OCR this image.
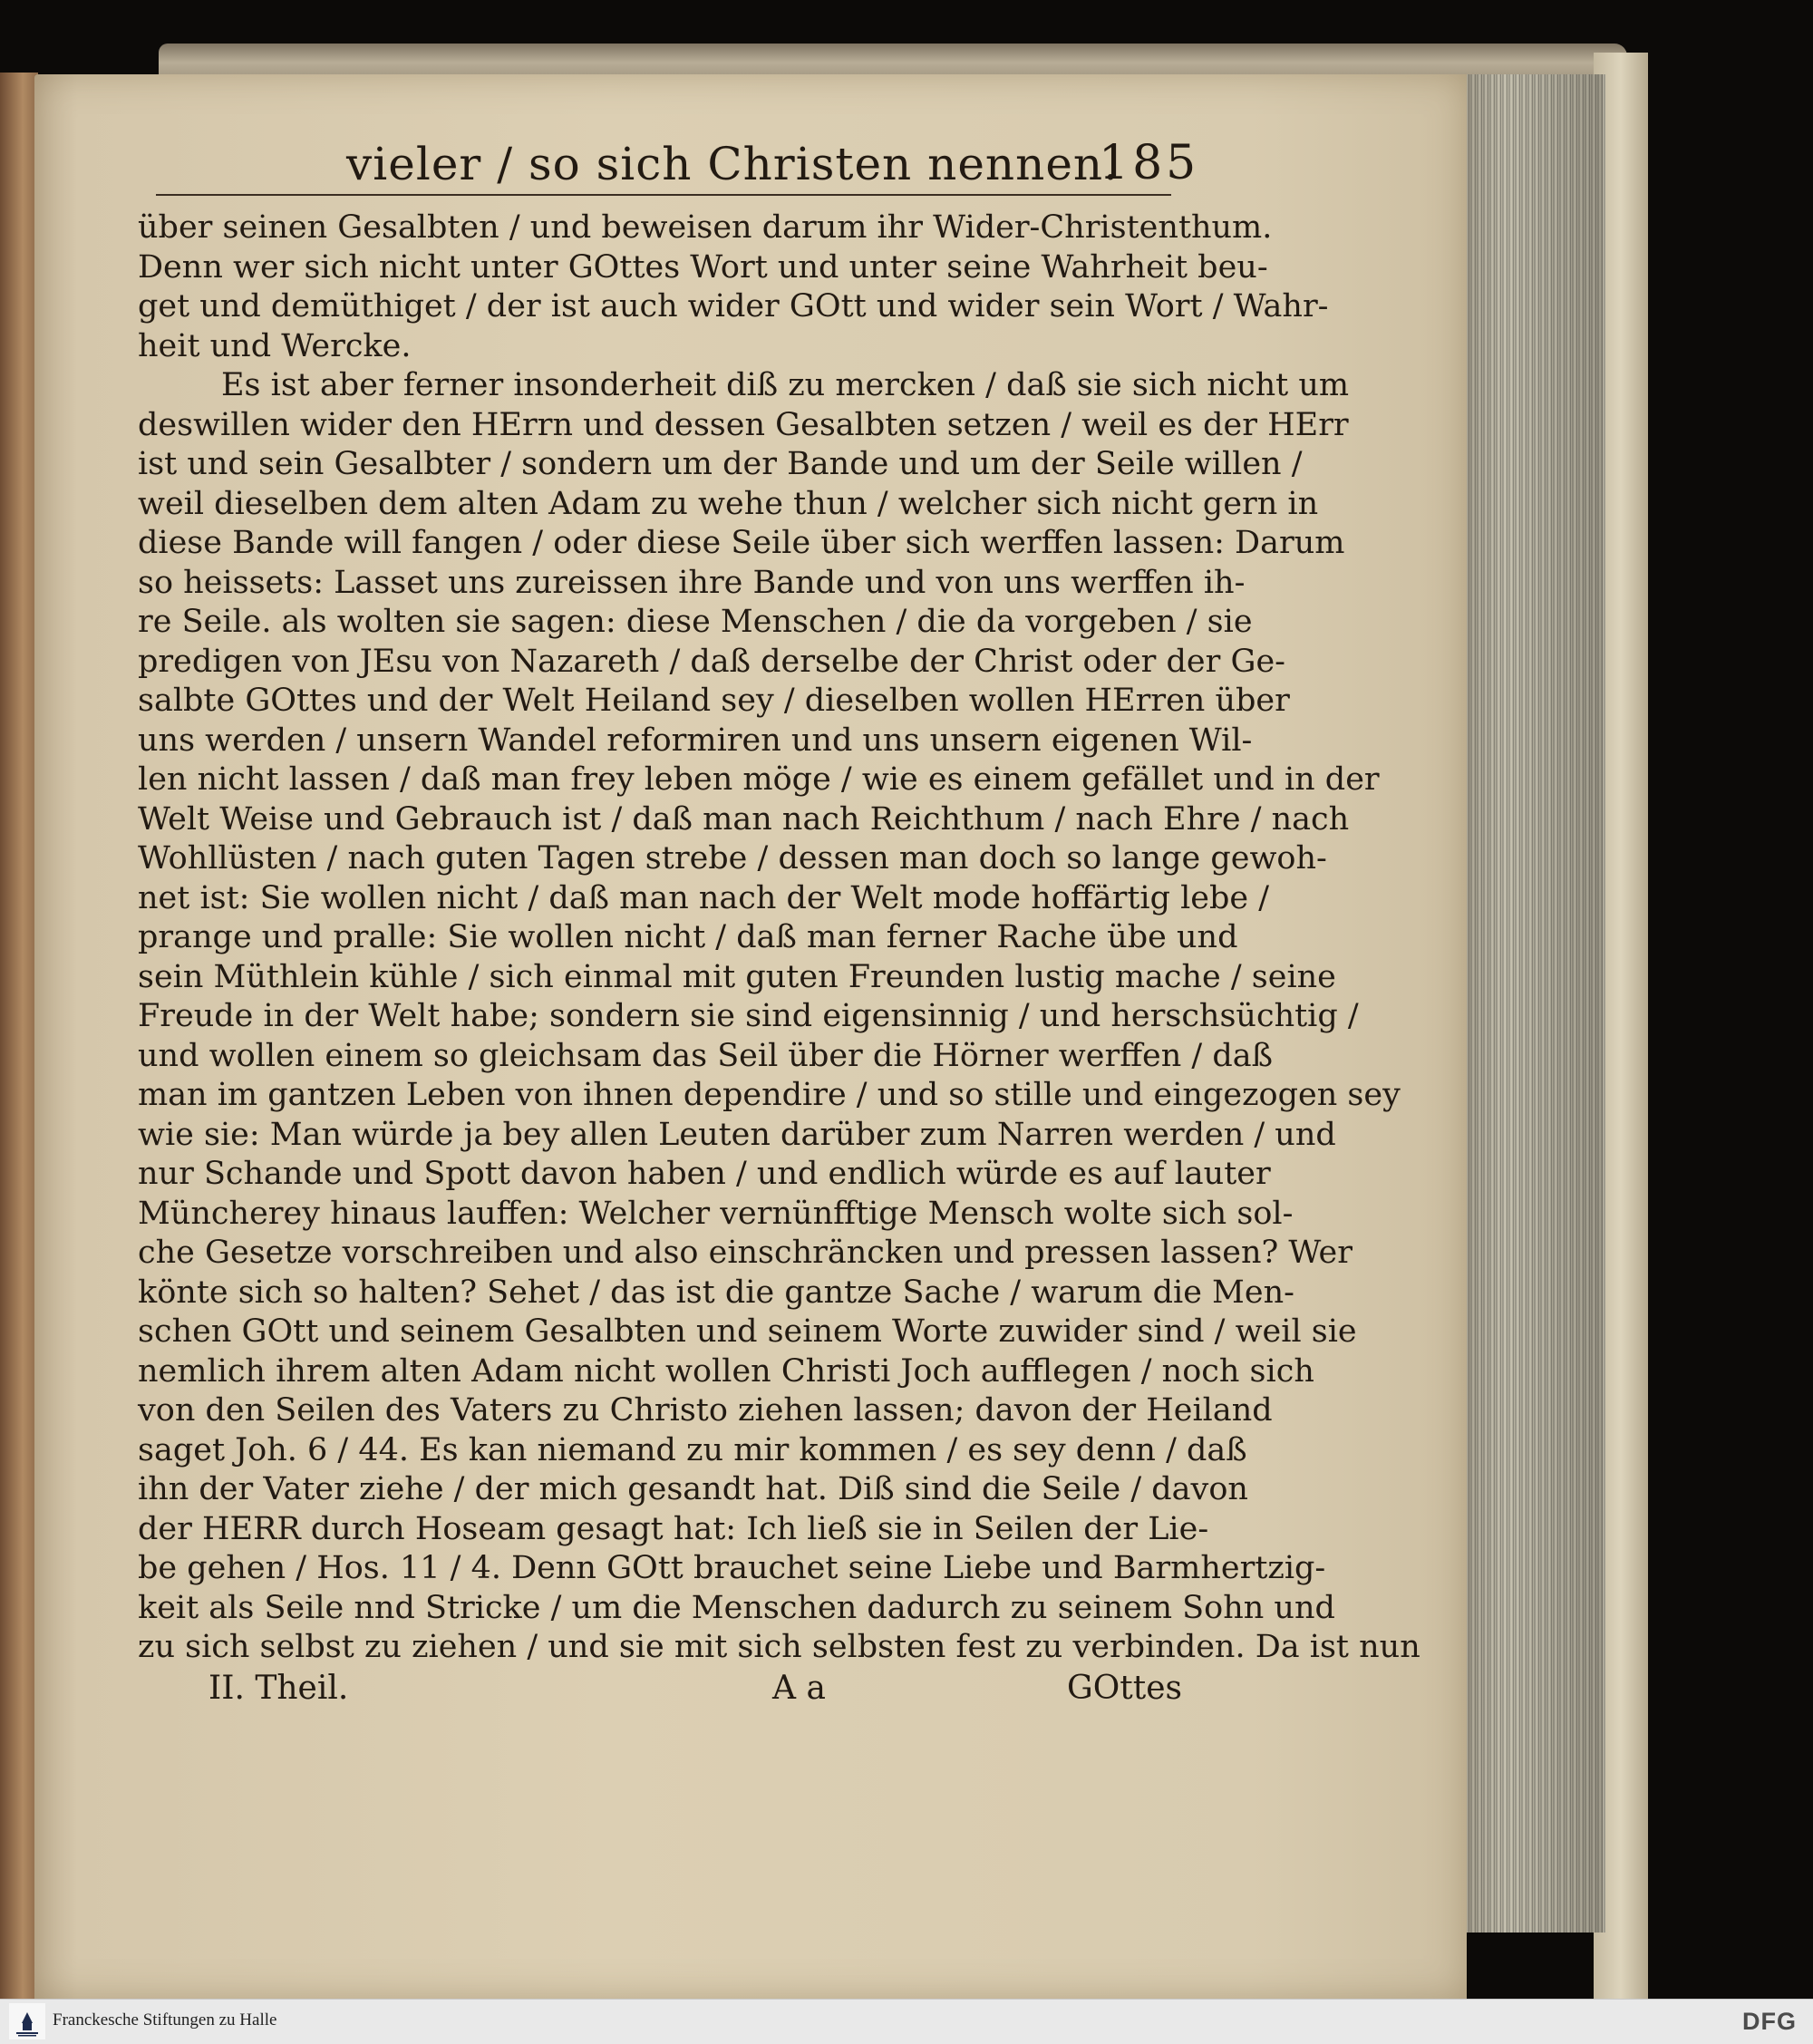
vieler / so sich Christen nennen.
185
über seinen Gesalbten / und beweisen darum ihr Wider-Christenthum.
Denn wer sich nicht unter GOttes Wort und unter seine Wahrheit beu-
get und demüthiget / der ist auch wider GOtt und wider sein Wort / Wahr-
heit und Wercke.
Es ist aber ferner insonderheit diß zu mercken / daß sie sich nicht um
deswillen wider den HErrn und dessen Gesalbten setzen / weil es der HErr
ist und sein Gesalbter / sondern um der Bande und um der Seile willen /
weil dieselben dem alten Adam zu wehe thun / welcher sich nicht gern in
diese Bande will fangen / oder diese Seile über sich werffen lassen: Darum
so heissets: Lasset uns zureissen ihre Bande und von uns werffen ih-
re Seile. als wolten sie sagen: diese Menschen / die da vorgeben / sie
predigen von JEsu von Nazareth / daß derselbe der Christ oder der Ge-
salbte GOttes und der Welt Heiland sey / dieselben wollen HErren über
uns werden / unsern Wandel reformiren und uns unsern eigenen Wil-
len nicht lassen / daß man frey leben möge / wie es einem gefället und in der
Welt Weise und Gebrauch ist / daß man nach Reichthum / nach Ehre / nach
Wohllüsten / nach guten Tagen strebe / dessen man doch so lange gewoh-
net ist: Sie wollen nicht / daß man nach der Welt mode hoffärtig lebe /
prange und pralle: Sie wollen nicht / daß man ferner Rache übe und
sein Müthlein kühle / sich einmal mit guten Freunden lustig mache / seine
Freude in der Welt habe; sondern sie sind eigensinnig / und herschsüchtig /
und wollen einem so gleichsam das Seil über die Hörner werffen / daß
man im gantzen Leben von ihnen dependire / und so stille und eingezogen sey
wie sie: Man würde ja bey allen Leuten darüber zum Narren werden / und
nur Schande und Spott davon haben / und endlich würde es auf lauter
Müncherey hinaus lauffen: Welcher vernünfftige Mensch wolte sich sol-
che Gesetze vorschreiben und also einschräncken und pressen lassen? Wer
könte sich so halten? Sehet / das ist die gantze Sache / warum die Men-
schen GOtt und seinem Gesalbten und seinem Worte zuwider sind / weil sie
nemlich ihrem alten Adam nicht wollen Christi Joch aufflegen / noch sich
von den Seilen des Vaters zu Christo ziehen lassen; davon der Heiland
saget Joh. 6 / 44. Es kan niemand zu mir kommen / es sey denn / daß
ihn der Vater ziehe / der mich gesandt hat. Diß sind die Seile / davon
der HERR durch Hoseam gesagt hat: Ich ließ sie in Seilen der Lie-
be gehen / Hos. 11 / 4. Denn GOtt brauchet seine Liebe und Barmhertzig-
keit als Seile nnd Stricke / um die Menschen dadurch zu seinem Sohn und
zu sich selbst zu ziehen / und sie mit sich selbsten fest zu verbinden. Da ist nun
II. Theil.	A a	GOttes
Franckesche Stiftungen zu Halle	DFG
